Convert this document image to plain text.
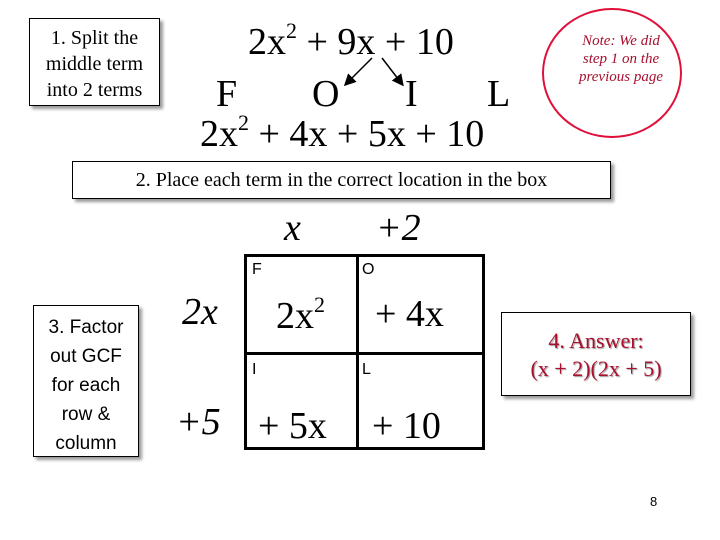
1. Split the
middle term
into 2 terms
$2x^2 + 9x + 10$
F O I L
$2x^2 + 4x + 5x + 10$
Note: We did
step 1 on the
previous page
2. Place each term in the correct location in the box
x +2
2x
+5
F	O
I	L
$2x^2 + 4x$
+ 5x + 10
3. Factor
out GCF
for each
row &
column
4. Answer:
(x + 2)(2x + 5)
8
